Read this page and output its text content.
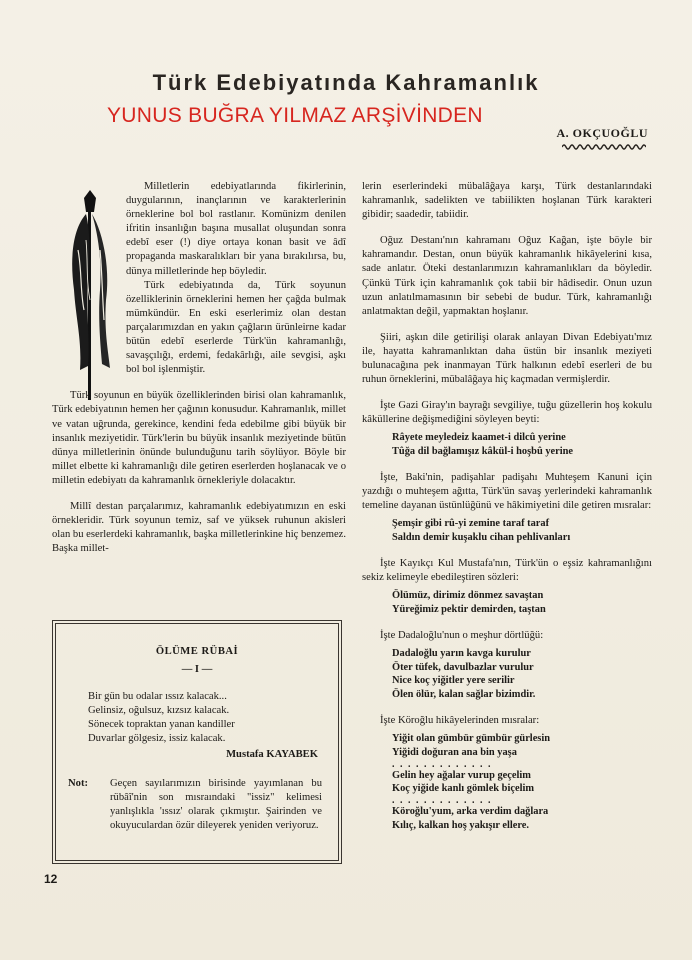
Türk Edebiyatında Kahramanlık
YUNUS BUĞRA YILMAZ ARŞİVİNDEN
A. OKÇUOĞLU

Milletlerin edebiyatlarında fikirlerinin, duygularının, inançlarının ve karakterlerinin örneklerine bol bol rastlanır. Komünizm denilen ifritin insanlığın başına musallat oluşundan sonra edebî eser (!) diye ortaya konan basit ve âdî propaganda maskaralıkları bir yana bırakılırsa, bu, dünya milletlerinde hep böyledir.

Türk edebiyatında da, Türk soyunun özelliklerinin örneklerini hemen her çağda bulmak mümkündür. En eski eserlerimiz olan destan parçalarımızdan en yakın çağların ürünleirne kadar bütün edebî eserlerde Türk'ün kahramanlığı, savaşçılığı, erdemi, fedakârlığı, aile sevgisi, aşkı bol bol işlenmiştir.

Türk soyunun en büyük özelliklerinden birisi olan kahramanlık, Türk edebiyatının hemen her çağının konusudur. Kahramanlık, millet ve vatan uğrunda, gerekince, kendini feda edebilme gibi büyük bir insanlık meziyetidir. Türk'lerin bu büyük insanlık meziyetinde bütün dünya milletlerinin önünde bulunduğunu tarih söylüyor. Böyle bir millet elbette ki kahramanlığı dile getiren eserlerden hoşlanacak ve o milletin edebiyatı da kahramanlık örnekleriyle dolacaktır.

Millî destan parçalarımız, kahramanlık edebiyatımızın en eski örnekleridir. Türk soyunun temiz, saf ve yüksek ruhunun akisleri olan bu eserlerdeki kahramanlık, başka milletlerinkine hiç benzemez. Başka millet-

ÖLÜME RÜBAİ
— I —
Bir gün bu odalar ıssız kalacak...
Gelinsiz, oğulsuz, kızsız kalacak.
Sönecek topraktan yanan kandiller
Duvarlar gölgesiz, issiz kalacak.
Mustafa KAYABEK
Not: Geçen sayılarımızın birisinde yayımlanan bu rübâî'nin son mısraındaki "issiz" kelimesi yanlışlıkla 'ıssız' olarak çıkmıştır. Şairinden ve okuyuculardan özür dileyerek yeniden veriyoruz.

lerin eserlerindeki mübalâğaya karşı, Türk destanlarındaki kahramanlık, sadelikten ve tabiilikten hoşlanan Türk karakteri gibidir; saadedir, tabiidir.

Oğuz Destanı'nın kahramanı Oğuz Kağan, işte böyle bir kahramandır. Destan, onun büyük kahramanlık hikâyelerini kısa, sade anlatır. Öteki destanlarımızın kahramanlıkları da böyledir. Çünkü Türk için kahramanlık çok tabii bir hâdisedir. Onun uzun uzun anlatılmamasının bir sebebi de budur. Türk, kahramanlığı anlatmaktan değil, yapmaktan hoşlanır.

Şiiri, aşkın dile getirilişi olarak anlayan Divan Edebiyatı'mız ile, hayatta kahramanlıktan daha üstün bir insanlık meziyeti bulunacağına pek inanmayan Türk halkının edebî eserleri de bu ruhun örneklerini, mübalâğaya hiç kaçmadan vermişlerdir.

İşte Gazi Giray'ın bayrağı sevgiliye, tuğu güzellerin hoş kokulu kâküllerine değişmediğini söyleyen beyti:

Râyete meyledeiz kaamet-i dilcû yerine
Tûğa dil bağlamışız kâkül-i hoşbû yerine

İşte, Baki'nin, padişahlar padişahı Muhteşem Kanuni için yazdığı o muhteşem ağıtta, Türk'ün savaş yerlerindeki kahramanlık temeline dayanan üstünlüğünü ve hâkimiyetini dile getiren mısralar:

Şemşir gibi rû-yi zemine taraf taraf
Saldın demir kuşaklu cihan pehlivanları

İşte Kayıkçı Kul Mustafa'nın, Türk'ün o eşsiz kahramanlığını sekiz kelimeyle ebedileştiren sözleri:

Ölümüz, dirimiz dönmez savaştan
Yüreğimiz pektir demirden, taştan

İşte Dadaloğlu'nun o meşhur dörtlüğü:

Dadaloğlu yarın kavga kurulur
Öter tüfek, davulbazlar vurulur
Nice koç yiğitler yere serilir
Ölen ölür, kalan sağlar bizimdir.

İşte Köroğlu hikâyelerinden mısralar:

Yiğit olan gümbür gümbür gürlesin
Yiğidi doğuran ana bin yaşa
. . . . . . . . . . . . .
Gelin hey ağalar vurup geçelim
Koç yiğide kanlı gömlek biçelim
. . . . . . . . . . . . .
Köroğlu'yum, arka verdim dağlara
Kılıç, kalkan hoş yakışır ellere.
12
